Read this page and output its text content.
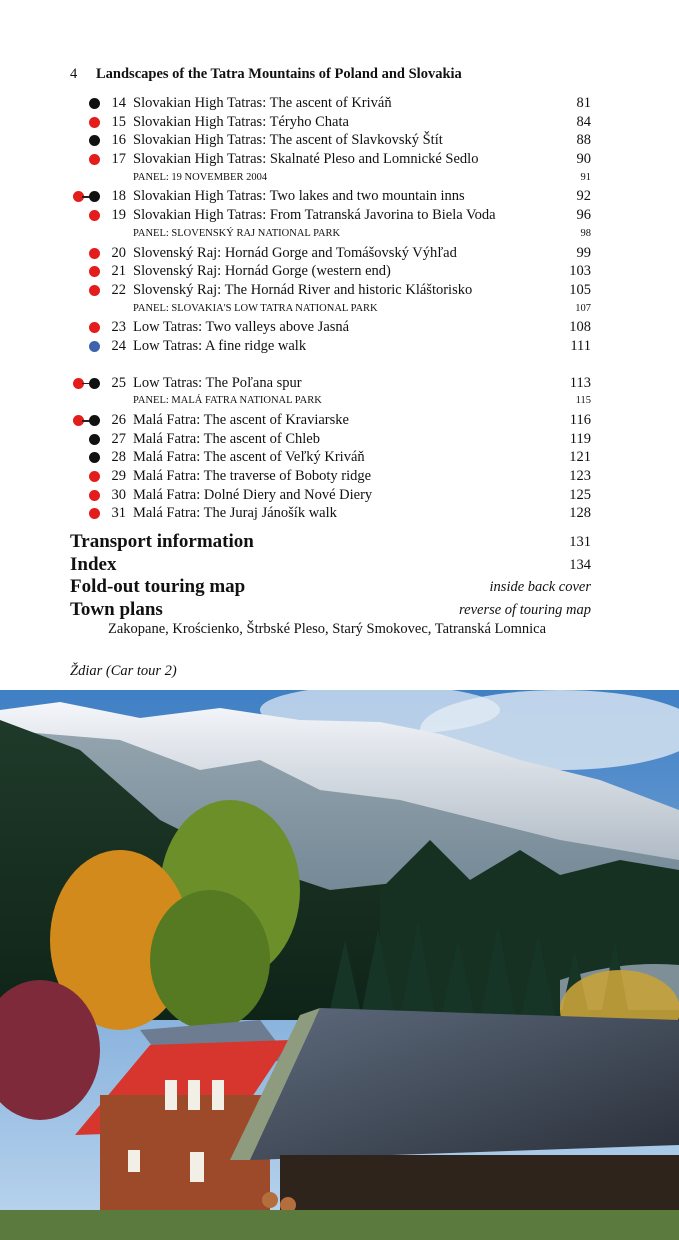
4 Landscapes of the Tatra Mountains of Poland and Slovakia
14 Slovakian High Tatras: The ascent of Kriváň	81
15 Slovakian High Tatras: Téryho Chata	84
16 Slovakian High Tatras: The ascent of Slavkovský Štít	88
17 Slovakian High Tatras: Skalnaté Pleso and Lomnické Sedlo	90
PANEL: 19 NOVEMBER 2004	91
18 Slovakian High Tatras: Two lakes and two mountain inns	92
19 Slovakian High Tatras: From Tatranská Javorina to Biela Voda	96
PANEL: SLOVENSKÝ RAJ NATIONAL PARK	98
20 Slovenský Raj: Hornád Gorge and Tomášovský Výhľad	99
21 Slovenský Raj: Hornád Gorge (western end)	103
22 Slovenský Raj: The Hornád River and historic Kláštorisko	105
PANEL: SLOVAKIA'S LOW TATRA NATIONAL PARK	107
23 Low Tatras: Two valleys above Jasná	108
24 Low Tatras: A fine ridge walk	111
25 Low Tatras: The Poľana spur	113
PANEL: MALÁ FATRA NATIONAL PARK	115
26 Malá Fatra: The ascent of Kraviarske	116
27 Malá Fatra: The ascent of Chleb	119
28 Malá Fatra: The ascent of Veľký Kriváň	121
29 Malá Fatra: The traverse of Boboty ridge	123
30 Malá Fatra: Dolné Diery and Nové Diery	125
31 Malá Fatra: The Juraj Jánošík walk	128
Transport information	131
Index	134
Fold-out touring map	inside back cover
Town plans	reverse of touring map
Zakopane, Krościenko, Štrbské Pleso, Starý Smokovec, Tatranská Lomnica
Ždiar (Car tour 2)
